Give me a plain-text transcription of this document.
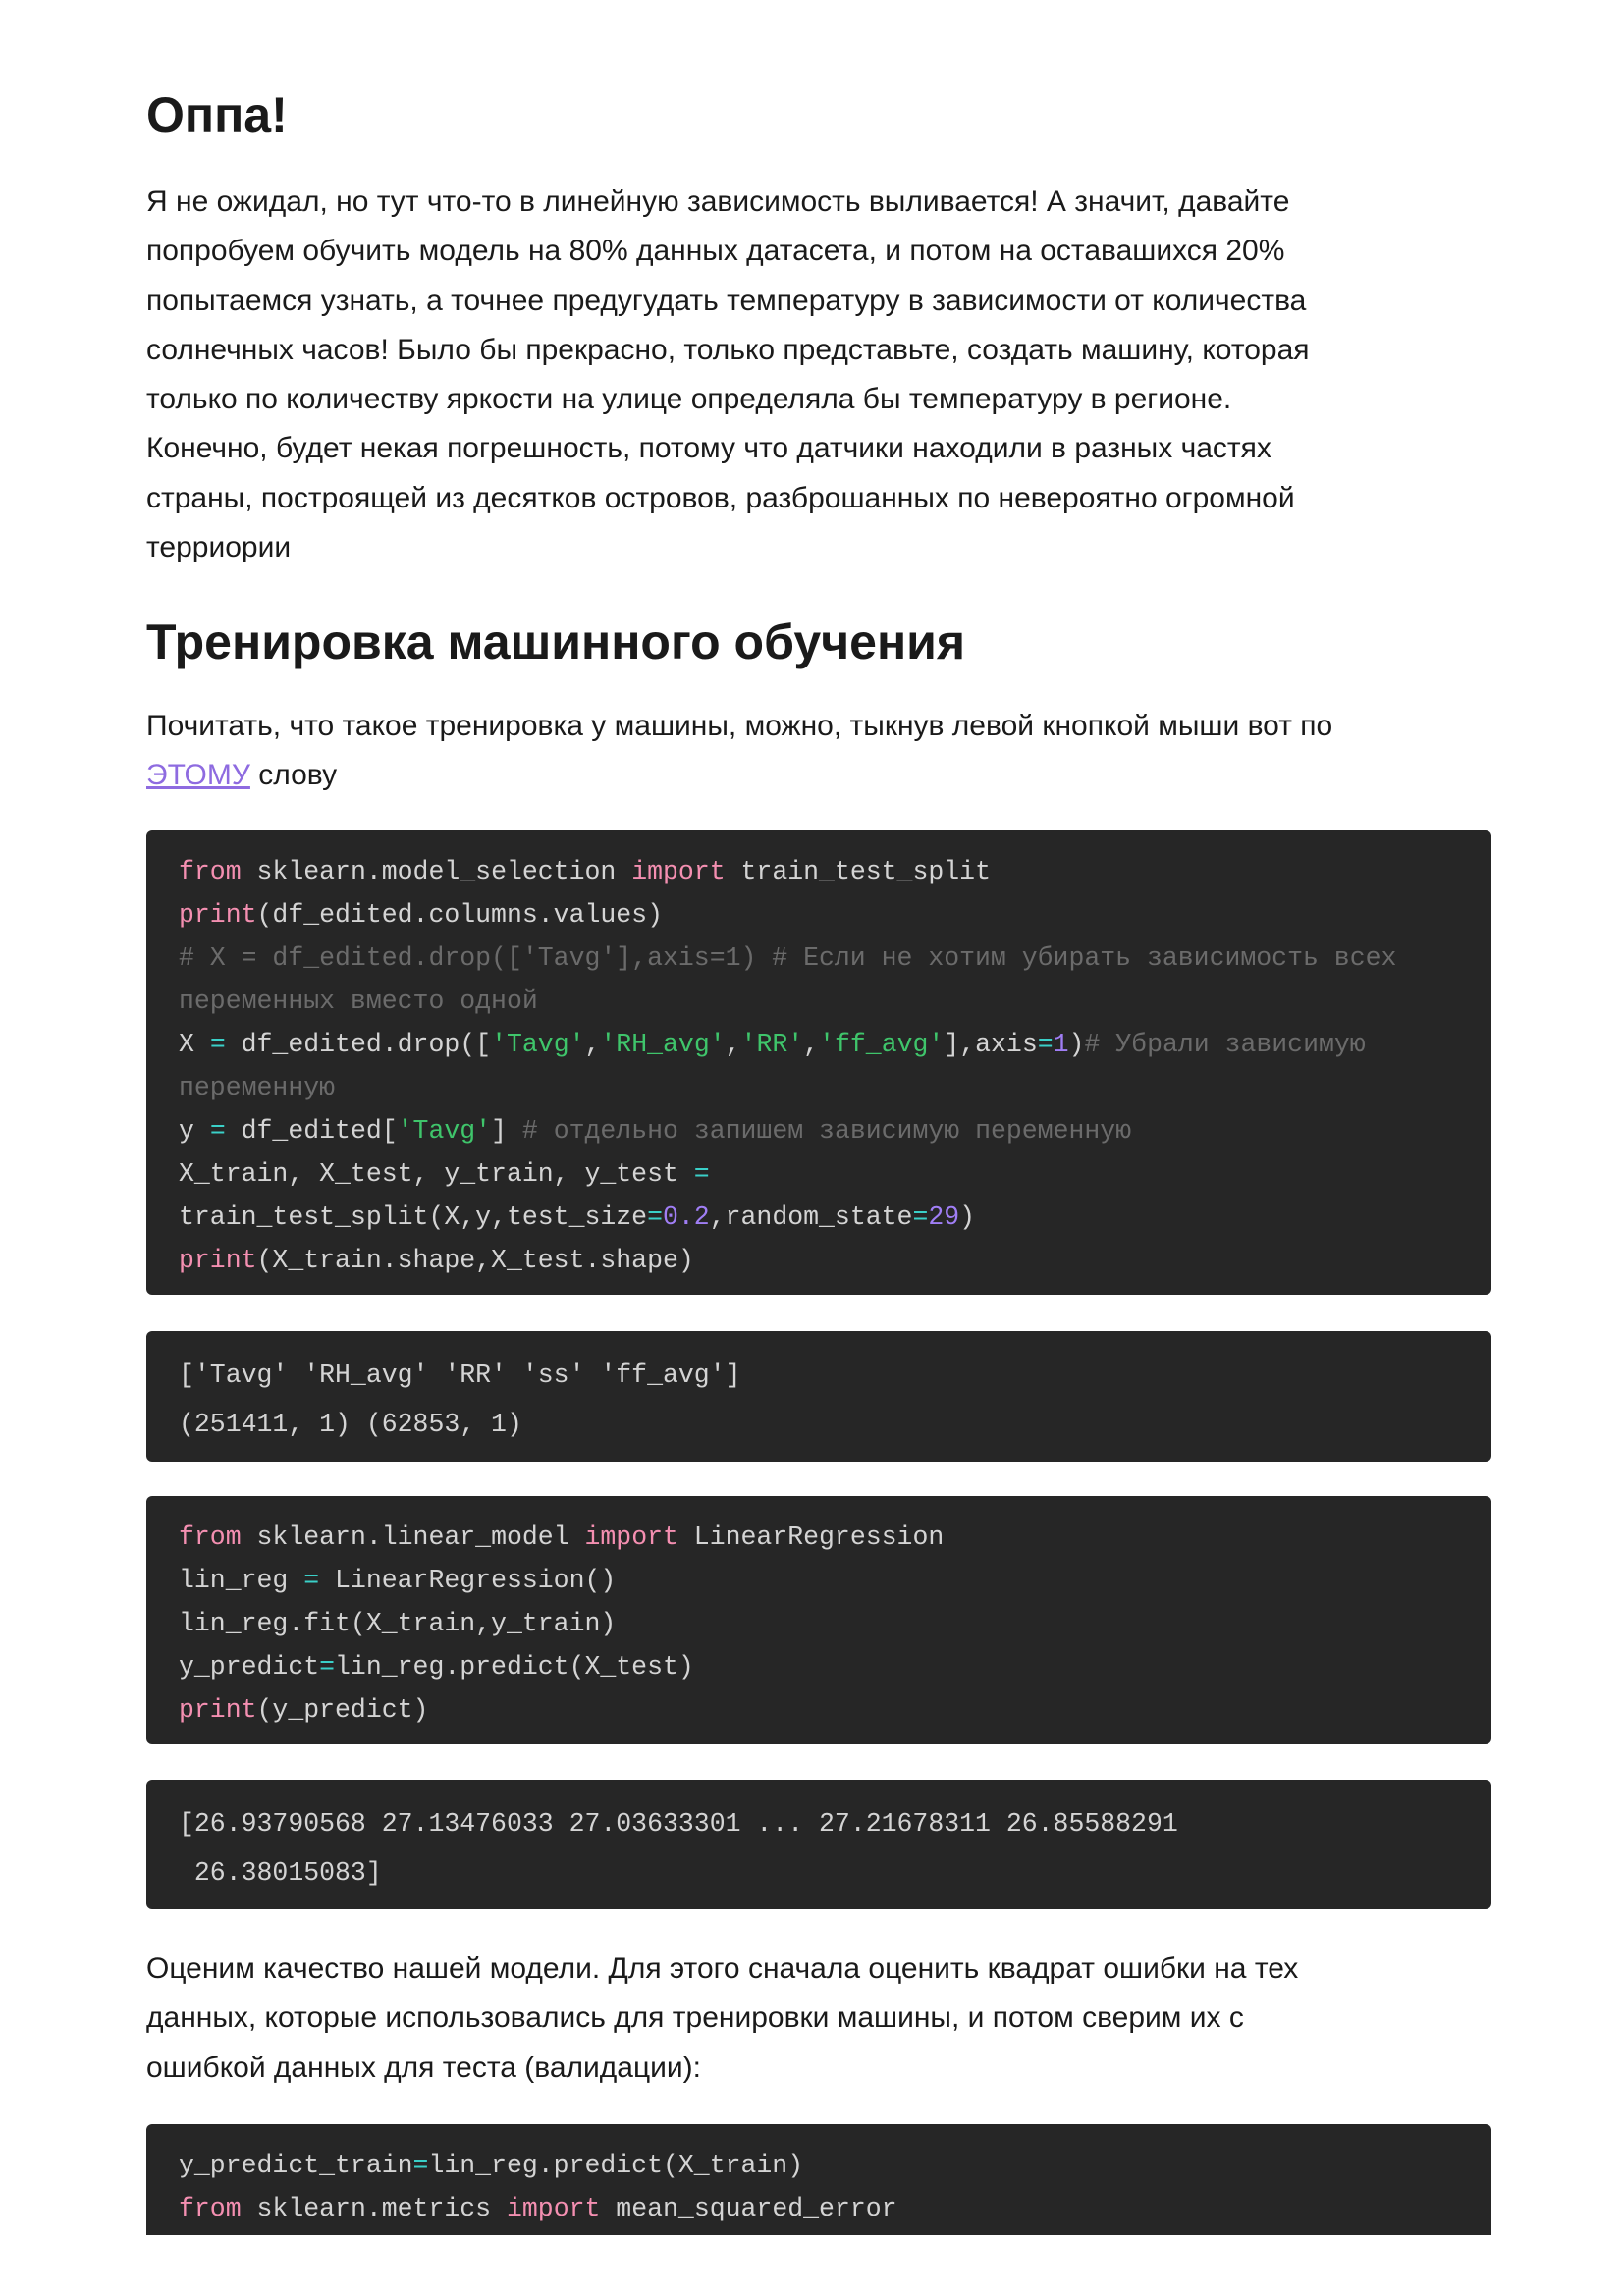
Оппа!
Я не ожидал, но тут что-то в линейную зависимость выливается! А значит, давайте
попробуем обучить модель на 80% данных датасета, и потом на оставашихся 20%
попытаемся узнать, а точнее предугудать температуру в зависимости от количества
солнечных часов! Было бы прекрасно, только представьте, создать машину, которая
только по количеству яркости на улице определяла бы температуру в регионе.
Конечно, будет некая погрешность, потому что датчики находили в разных частях
страны, построящей из десятков островов, разброшанных по невероятно огромной
терриории
Тренировка машинного обучения
Почитать, что такое тренировка у машины, можно, тыкнув левой кнопкой мыши вот по
ЭТОМУ слову
from sklearn.model_selection import train_test_split
print(df_edited.columns.values)
# X = df_edited.drop(['Tavg'],axis=1) # Если не хотим убирать зависимость всех
переменных вместо одной
X = df_edited.drop(['Tavg','RH_avg','RR','ff_avg'],axis=1)# Убрали зависимую
переменную
y = df_edited['Tavg'] # отдельно запишем зависимую переменную
X_train, X_test, y_train, y_test =
train_test_split(X,y,test_size=0.2,random_state=29)
print(X_train.shape,X_test.shape)
['Tavg' 'RH_avg' 'RR' 'ss' 'ff_avg']
(251411, 1) (62853, 1)
from sklearn.linear_model import LinearRegression
lin_reg = LinearRegression()
lin_reg.fit(X_train,y_train)
y_predict=lin_reg.predict(X_test)
print(y_predict)
[26.93790568 27.13476033 27.03633301 ... 27.21678311 26.85588291
26.38015083]
Оценим качество нашей модели. Для этого сначала оценить квадрат ошибки на тех
данных, которые использовались для тренировки машины, и потом сверим их с
ошибкой данных для теста (валидации):
y_predict_train=lin_reg.predict(X_train)
from sklearn.metrics import mean_squared_error
